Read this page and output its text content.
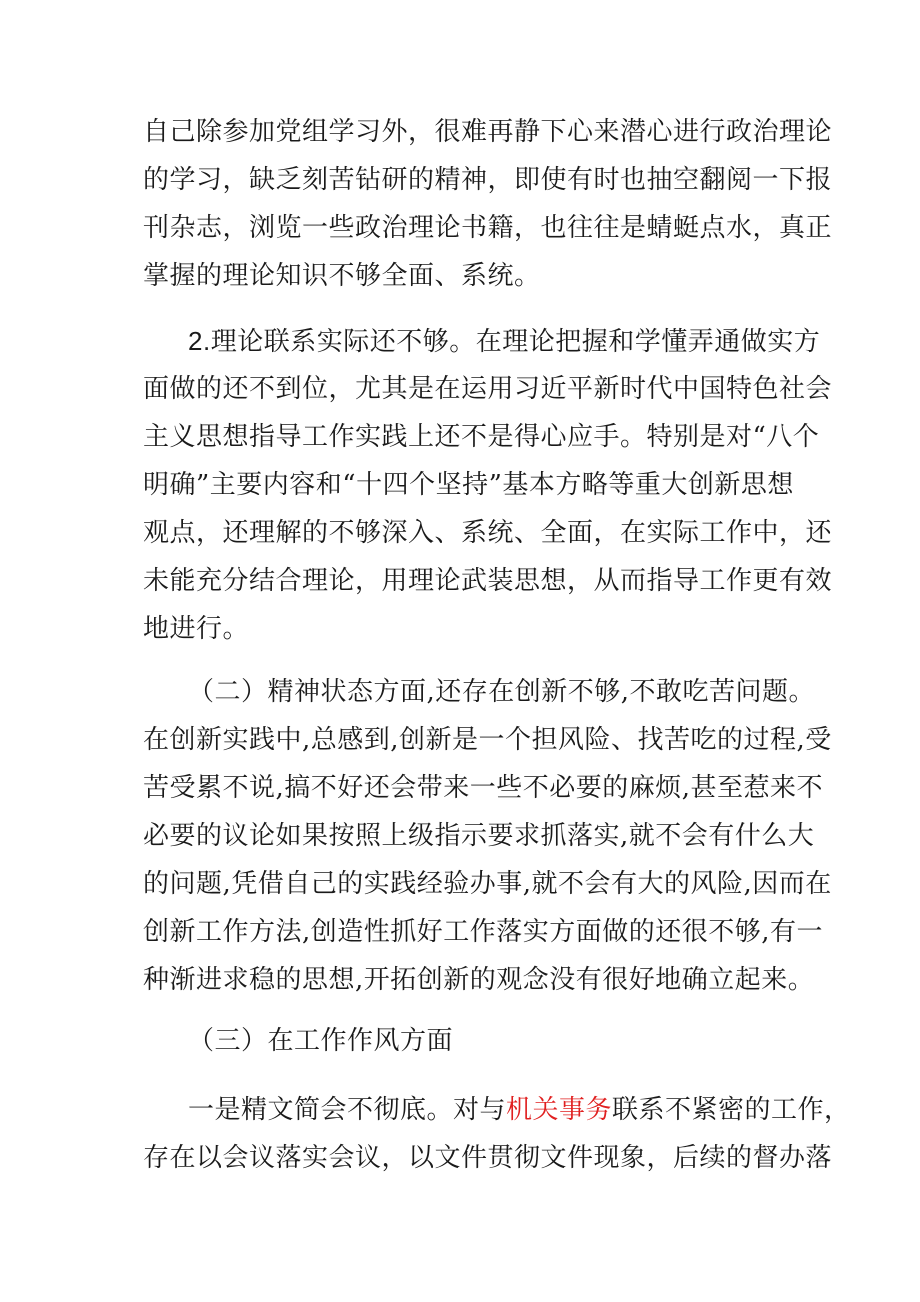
自己除参加党组学习外，很难再静下心来潜心进行政治理论
的学习，缺乏刻苦钻研的精神，即使有时也抽空翻阅一下报
刊杂志，浏览一些政治理论书籍，也往往是蜻蜓点水，真正
掌握的理论知识不够全面、系统。
2.理论联系实际还不够。在理论把握和学懂弄通做实方
面做的还不到位，尤其是在运用习近平新时代中国特色社会
主义思想指导工作实践上还不是得心应手。特别是对“八个
明确”主要内容和“十四个坚持”基本方略等重大创新思想
观点，还理解的不够深入、系统、全面，在实际工作中，还
未能充分结合理论，用理论武装思想，从而指导工作更有效
地进行。
（二）精神状态方面,还存在创新不够,不敢吃苦问题。
在创新实践中,总感到,创新是一个担风险、找苦吃的过程,受
苦受累不说,搞不好还会带来一些不必要的麻烦,甚至惹来不
必要的议论如果按照上级指示要求抓落实,就不会有什么大
的问题,凭借自己的实践经验办事,就不会有大的风险,因而在
创新工作方法,创造性抓好工作落实方面做的还很不够,有一
种渐进求稳的思想,开拓创新的观念没有很好地确立起来。
（三）在工作作风方面
一是精文简会不彻底。对与机关事务联系不紧密的工作，
存在以会议落实会议，以文件贯彻文件现象，后续的督办落
